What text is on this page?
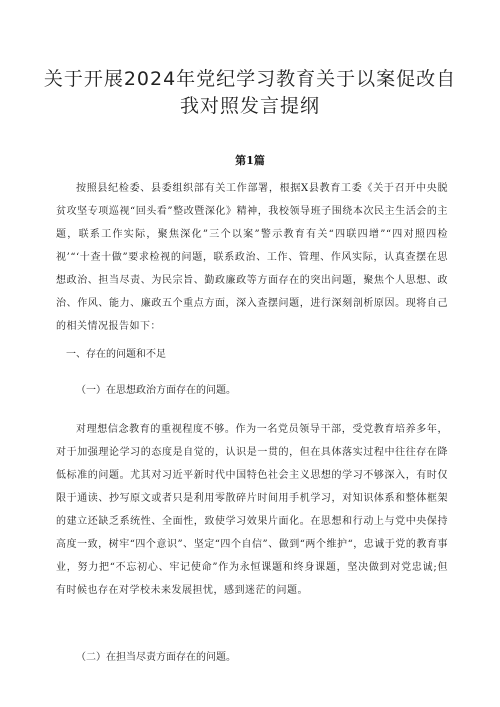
关于开展2024年党纪学习教育关于以案促改自我对照发言提纲
第1篇

按照县纪检委、县委组织部有关工作部署，根据X县教育工委《关于召开中央脱贫攻坚专项巡视“回头看”整改暨深化》精神，我校领导班子围绕本次民主生活会的主题，联系工作实际，聚焦深化”三个以案”警示教育有关“四联四增”“四对照四检视’“‘十查十做”要求检视的问题，联系政治、工作、管理、作风实际，认真查摆在思想政治、担当尽责、为民宗旨、勤政廉政等方面存在的突出问题，聚焦个人思想、政治、作风、能力、廉政五个重点方面，深入查摆问题，进行深刻剖析原因。现将自己的相关情况报告如下：

一、存在的问题和不足

（一）在思想政治方面存在的问题。

对理想信念教育的重视程度不够。作为一名党员领导干部，受党教育培养多年，对于加强理论学习的态度是自觉的，认识是一贯的，但在具体落实过程中往往存在降低标准的问题。尤其对习近平新时代中国特色社会主义思想的学习不够深入，有时仅限于通读、抄写原文或者只是利用零散碎片时间用手机学习，对知识体系和整体框架的建立还缺乏系统性、全面性，致使学习效果片面化。在思想和行动上与党中央保持高度一致，树牢“四个意识”、坚定“四个自信”、做到“两个维护“，忠诚于党的教育事业，努力把“不忘初心、牢记使命”作为永恒课题和终身课题，坚决做到对党忠诚;但有时候也存在对学校未来发展担忧，感到迷茫的问题。

（二）在担当尽责方面存在的问题。
